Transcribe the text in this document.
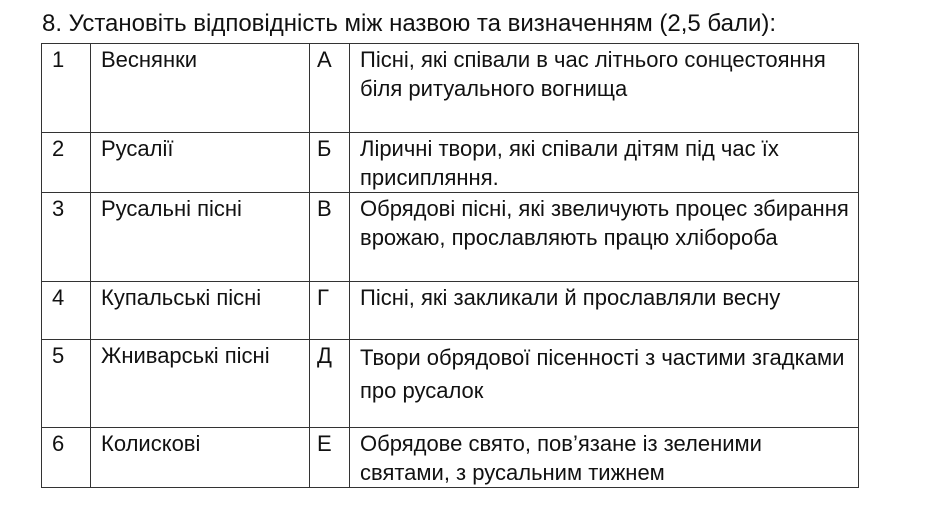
8. Установіть відповідність між назвою та визначенням (2,5 бали):
1	Веснянки	А	Пісні, які співали в час літнього сонцестояння біля ритуального вогнища
2	Русалії	Б	Ліричні твори, які співали дітям під час їх присипляння.
3	Русальні пісні	В	Обрядові пісні, які звеличують процес збирання врожаю, прославляють працю хлібороба
4	Купальські пісні	Г	Пісні, які закликали й прославляли весну
5	Жниварські пісні	Д	Твори обрядової пісенності з частими згадками про русалок
6	Колискові	Е	Обрядове свято, пов’язане із зеленими святами, з русальним тижнем
